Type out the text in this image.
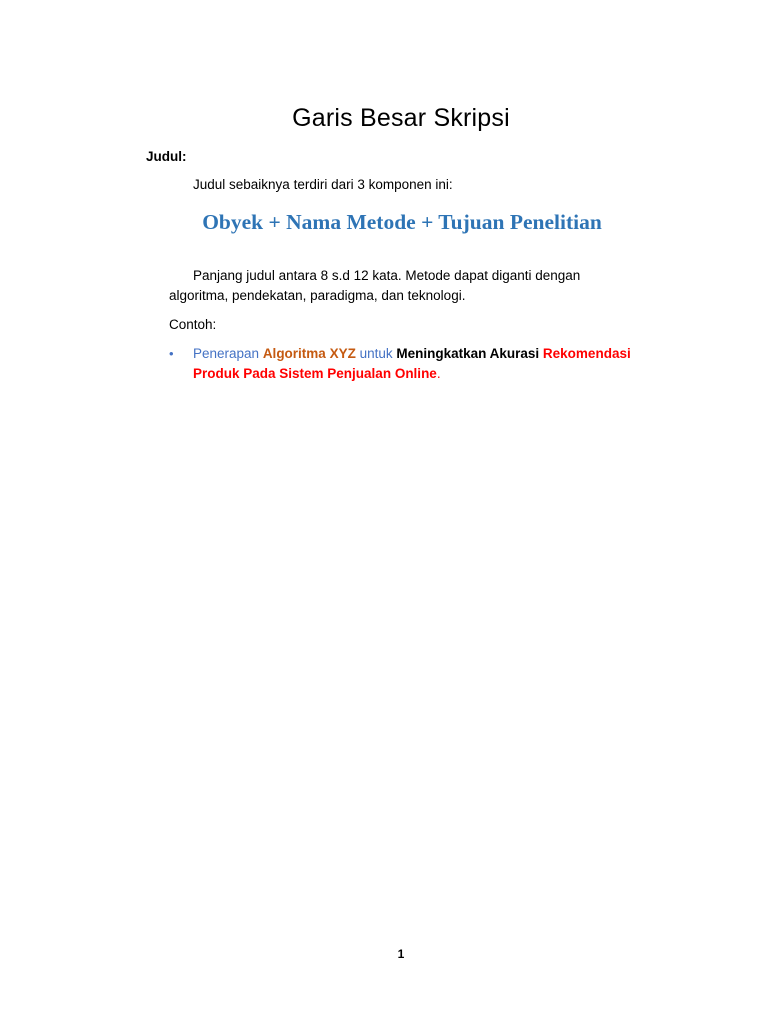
Garis Besar Skripsi
Judul:
Judul sebaiknya terdiri dari 3 komponen ini:
Obyek + Nama Metode + Tujuan Penelitian
Panjang judul antara 8 s.d 12 kata. Metode dapat diganti dengan algoritma, pendekatan, paradigma, dan teknologi.
Contoh:
• Penerapan Algoritma XYZ untuk Meningkatkan Akurasi Rekomendasi Produk Pada Sistem Penjualan Online.
1
